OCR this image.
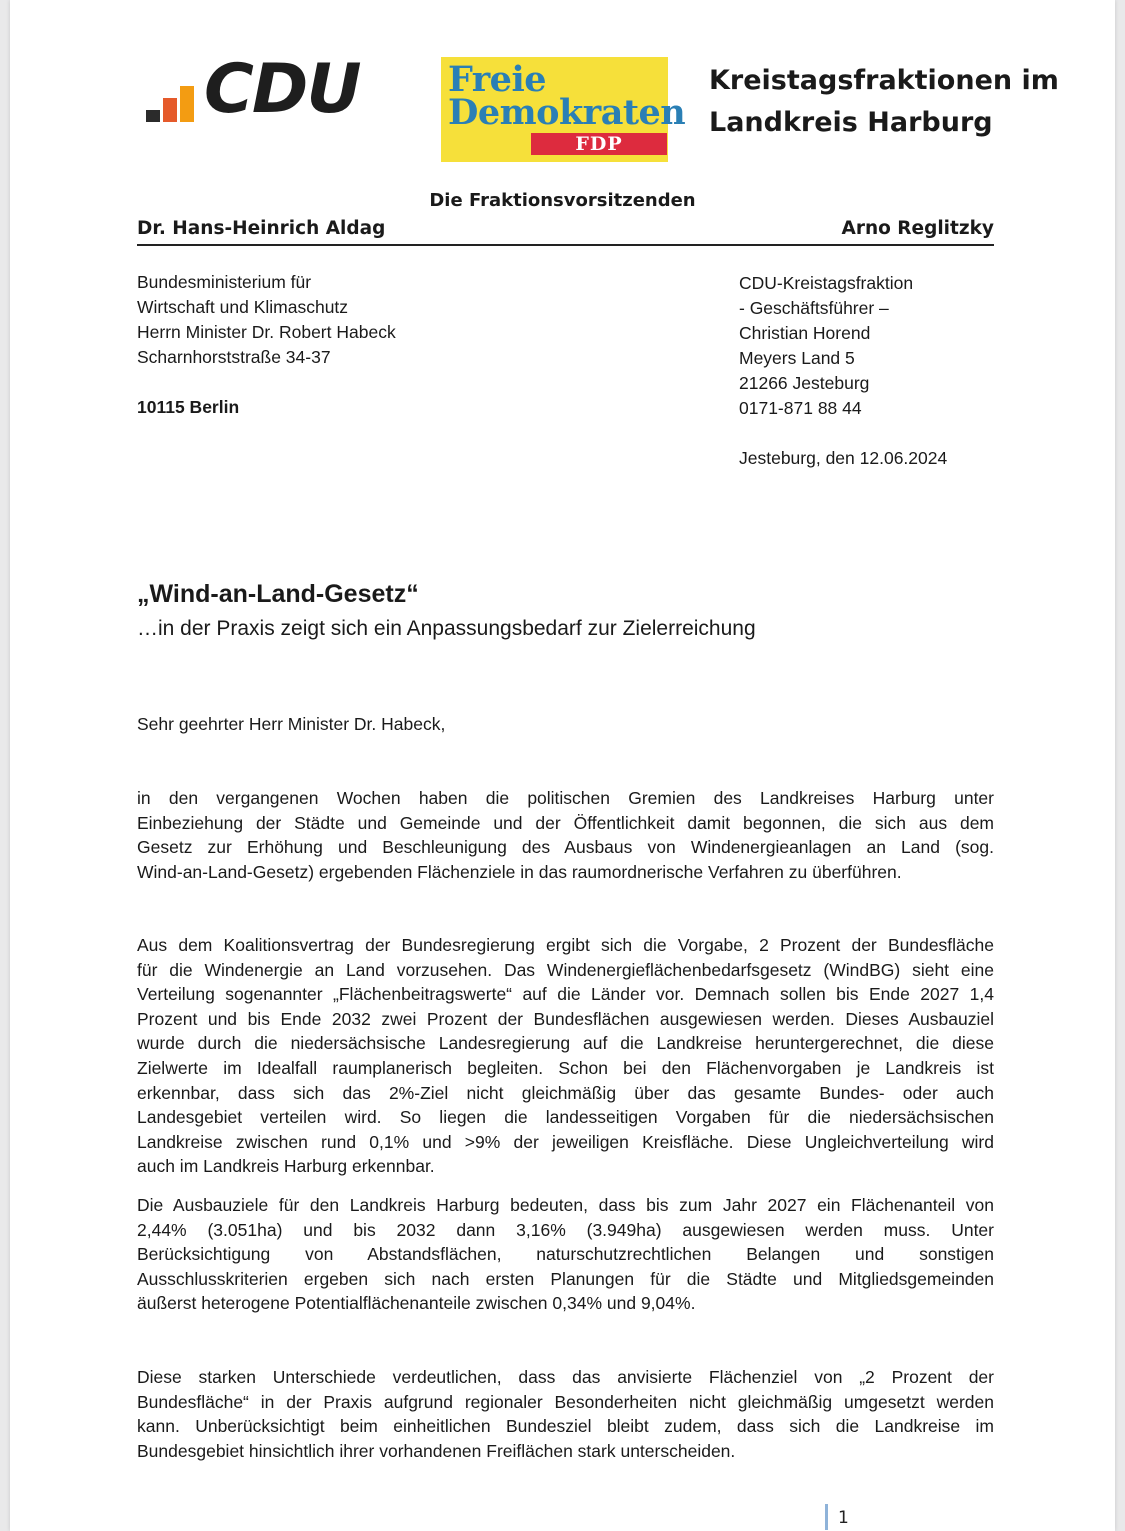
CDU	Freie
Demokraten
FDP
Kreistagsfraktionen im
Landkreis Harburg
Die Fraktionsvorsitzenden
Dr. Hans-Heinrich Aldag	Arno Reglitzky
Bundesministerium für
Wirtschaft und Klimaschutz
Herrn Minister Dr. Robert Habeck
Scharnhorststraße 34-37
10115 Berlin
CDU-Kreistagsfraktion
- Geschäftsführer –
Christian Horend
Meyers Land 5
21266 Jesteburg
0171-871 88 44
Jesteburg, den 12.06.2024
„Wind-an-Land-Gesetz“
…in der Praxis zeigt sich ein Anpassungsbedarf zur Zielerreichung
Sehr geehrter Herr Minister Dr. Habeck,
in den vergangenen Wochen haben die politischen Gremien des Landkreises Harburg unter
Einbeziehung der Städte und Gemeinde und der Öffentlichkeit damit begonnen, die sich aus dem
Gesetz zur Erhöhung und Beschleunigung des Ausbaus von Windenergieanlagen an Land (sog.
Wind-an-Land-Gesetz) ergebenden Flächenziele in das raumordnerische Verfahren zu überführen.
Aus dem Koalitionsvertrag der Bundesregierung ergibt sich die Vorgabe, 2 Prozent der Bundesfläche
für die Windenergie an Land vorzusehen. Das Windenergieflächenbedarfsgesetz (WindBG) sieht eine
Verteilung sogenannter „Flächenbeitragswerte“ auf die Länder vor. Demnach sollen bis Ende 2027 1,4
Prozent und bis Ende 2032 zwei Prozent der Bundesflächen ausgewiesen werden. Dieses Ausbauziel
wurde durch die niedersächsische Landesregierung auf die Landkreise heruntergerechnet, die diese
Zielwerte im Idealfall raumplanerisch begleiten. Schon bei den Flächenvorgaben je Landkreis ist
erkennbar, dass sich das 2%-Ziel nicht gleichmäßig über das gesamte Bundes- oder auch
Landesgebiet verteilen wird. So liegen die landesseitigen Vorgaben für die niedersächsischen
Landkreise zwischen rund 0,1% und >9% der jeweiligen Kreisfläche. Diese Ungleichverteilung wird
auch im Landkreis Harburg erkennbar.
Die Ausbauziele für den Landkreis Harburg bedeuten, dass bis zum Jahr 2027 ein Flächenanteil von
2,44% (3.051ha) und bis 2032 dann 3,16% (3.949ha) ausgewiesen werden muss. Unter
Berücksichtigung von Abstandsflächen, naturschutzrechtlichen Belangen und sonstigen
Ausschlusskriterien ergeben sich nach ersten Planungen für die Städte und Mitgliedsgemeinden
äußerst heterogene Potentialflächenanteile zwischen 0,34% und 9,04%.
Diese starken Unterschiede verdeutlichen, dass das anvisierte Flächenziel von „2 Prozent der
Bundesfläche“ in der Praxis aufgrund regionaler Besonderheiten nicht gleichmäßig umgesetzt werden
kann. Unberücksichtigt beim einheitlichen Bundesziel bleibt zudem, dass sich die Landkreise im
Bundesgebiet hinsichtlich ihrer vorhandenen Freiflächen stark unterscheiden.
1
